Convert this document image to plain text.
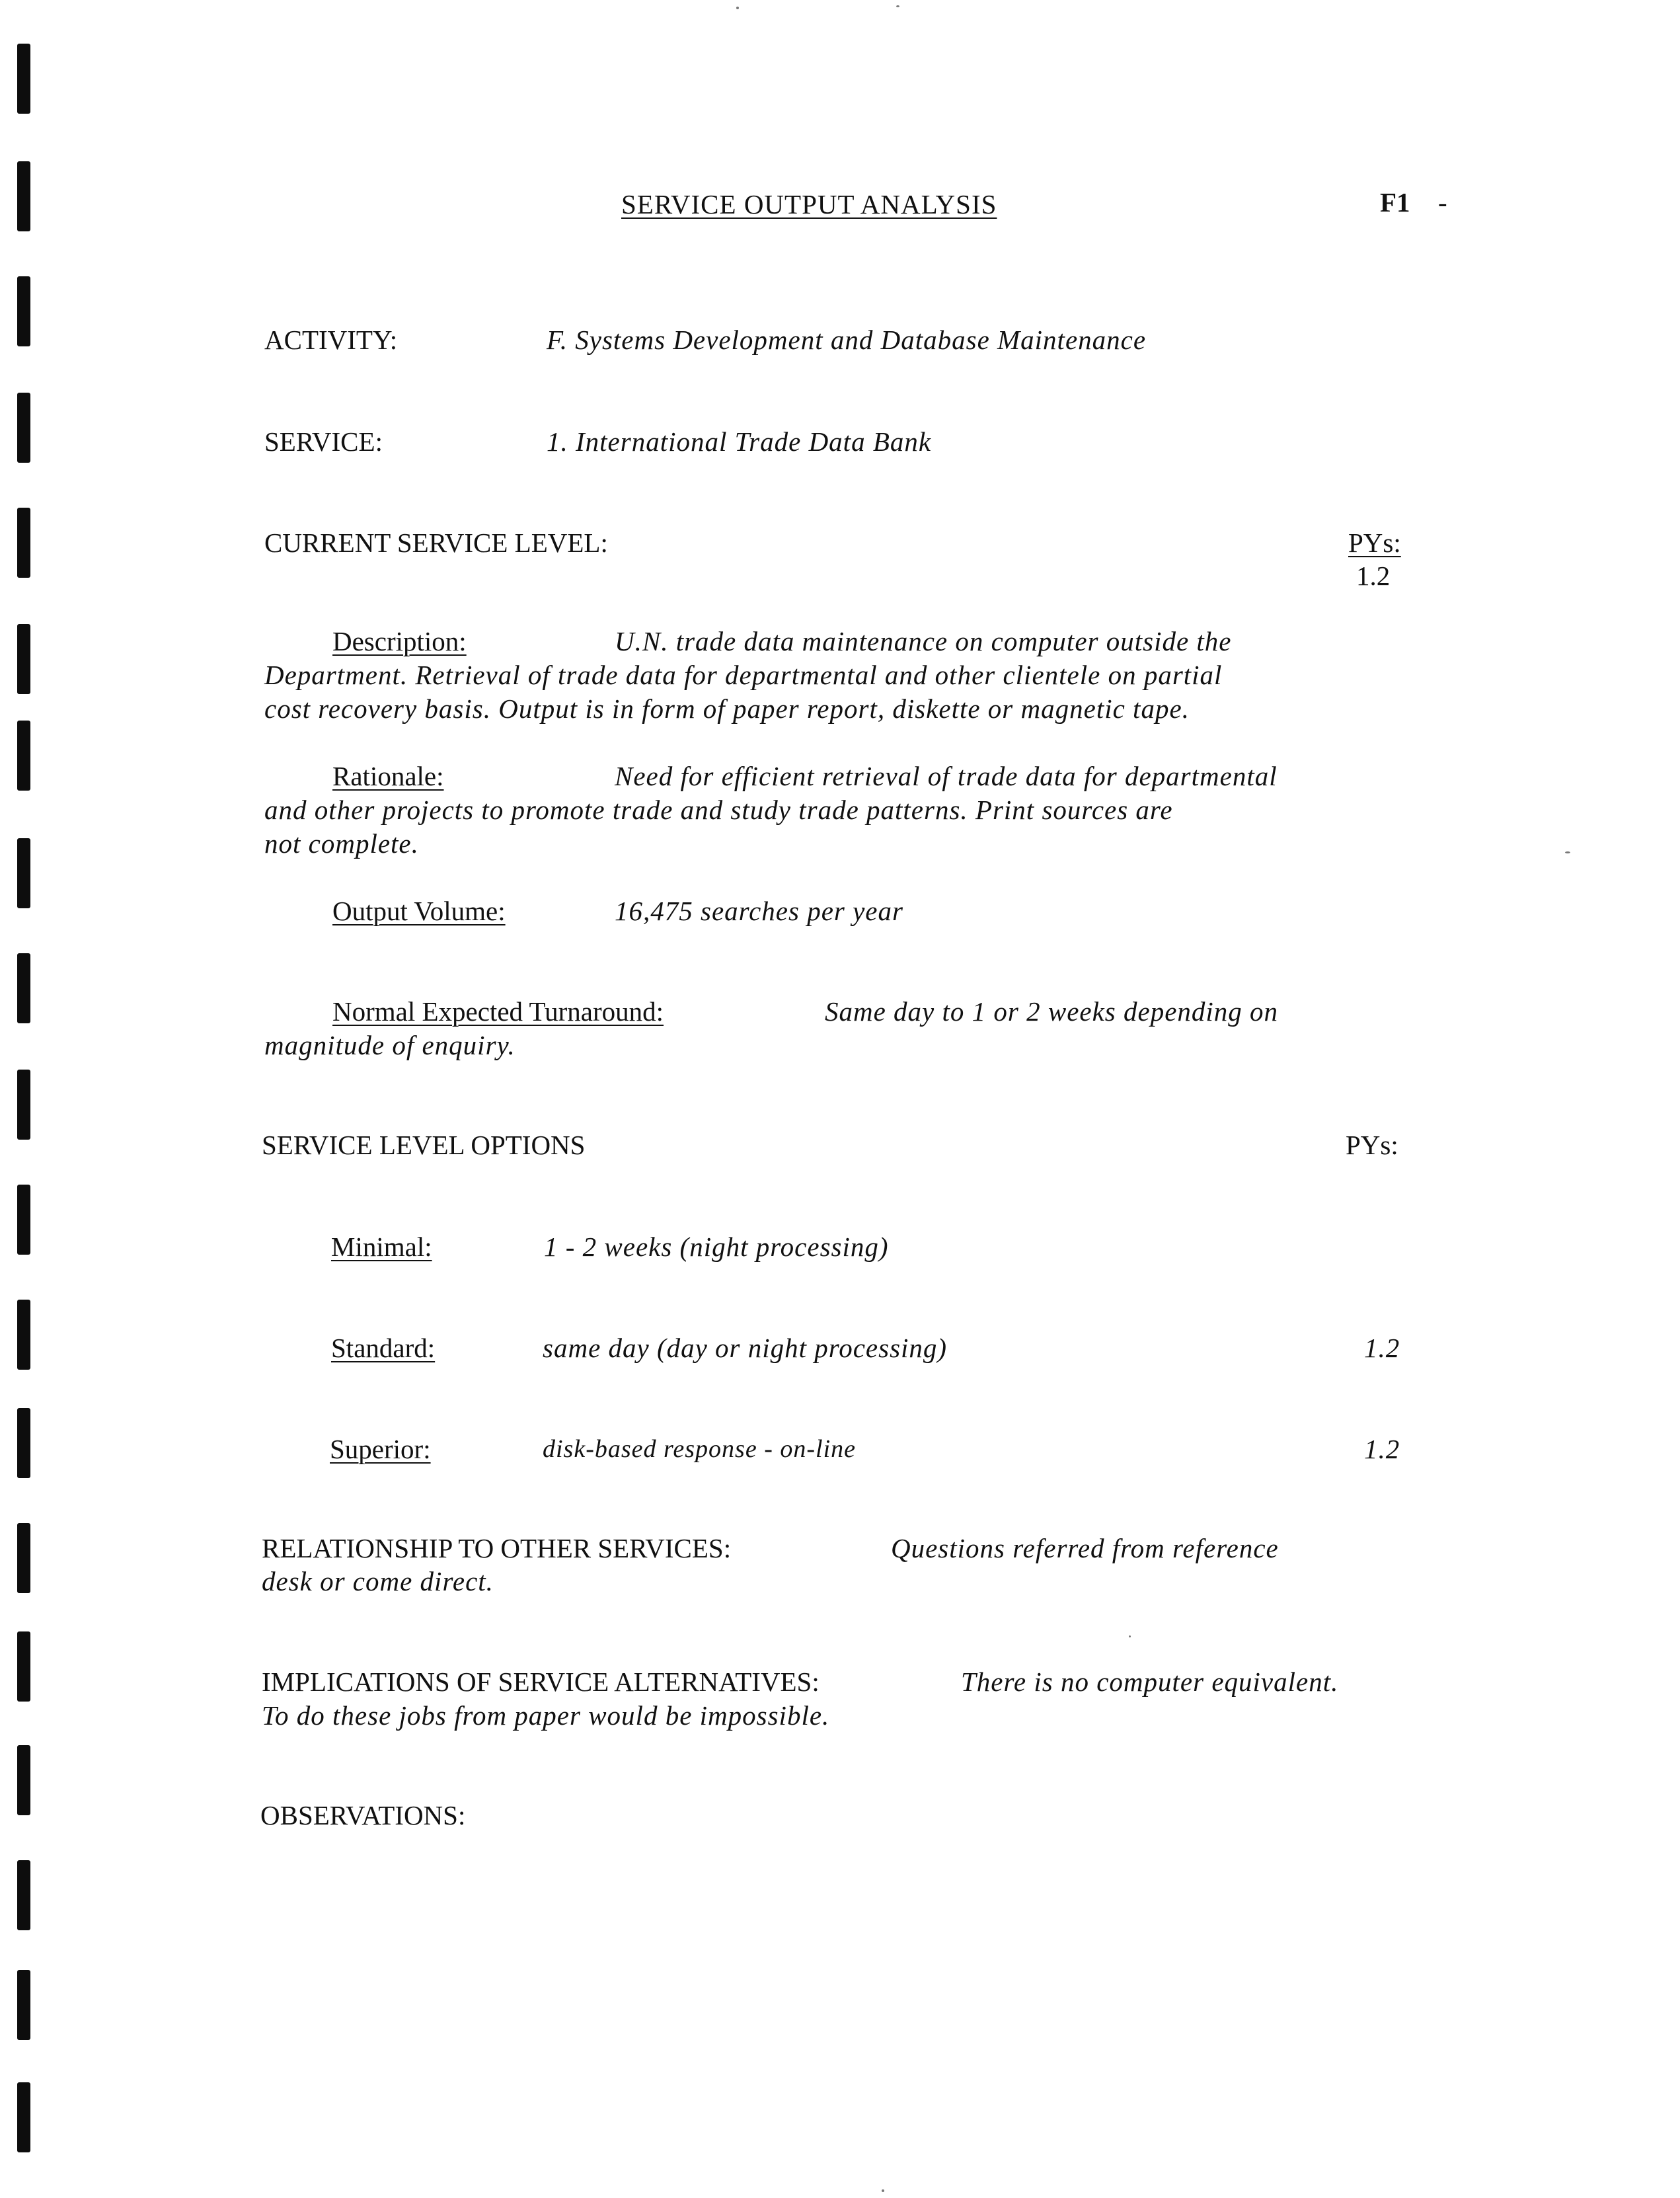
SERVICE OUTPUT ANALYSIS	F1 -
ACTIVITY:	F. Systems Development and Database Maintenance
SERVICE:	1. International Trade Data Bank
CURRENT SERVICE LEVEL:	PYs:
1.2
Description:	U.N. trade data maintenance on computer outside the
Department. Retrieval of trade data for departmental and other clientele on partial
cost recovery basis. Output is in form of paper report, diskette or magnetic tape.
Rationale:	Need for efficient retrieval of trade data for departmental
and other projects to promote trade and study trade patterns. Print sources are
not complete.
Output Volume:	16,475 searches per year
Normal Expected Turnaround:	Same day to 1 or 2 weeks depending on
magnitude of enquiry.
SERVICE LEVEL OPTIONS	PYs:
Minimal:	1 - 2 weeks (night processing)
Standard:	same day (day or night processing)	1.2
Superior:	disk-based response - on-line	1.2
RELATIONSHIP TO OTHER SERVICES:	Questions referred from reference
desk or come direct.
IMPLICATIONS OF SERVICE ALTERNATIVES:	There is no computer equivalent.
To do these jobs from paper would be impossible.
OBSERVATIONS:
